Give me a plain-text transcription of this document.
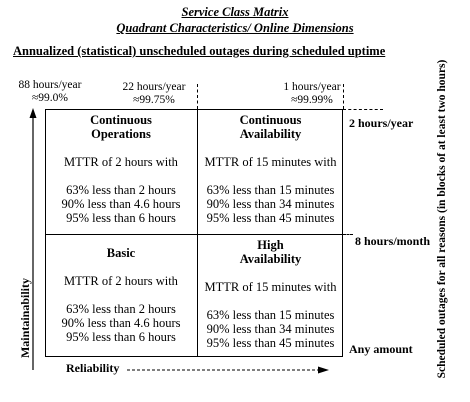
Service Class Matrix
Quadrant Characteristics/ Online Dimensions
Annualized (statistical) unscheduled outages during scheduled uptime
88 hours/year
≈99.0%
22 hours/year
≈99.75%
1 hours/year
≈99.99%
Continuous
Operations
MTTR of 2 hours with
63% less than 2 hours
90% less than 4.6 hours
95% less than 6 hours
Continuous
Availability
MTTR of 15 minutes with
63% less than 15 minutes
90% less than 34 minutes
95% less than 45 minutes
Basic
MTTR of 2 hours with
63% less than 2 hours
90% less than 4.6 hours
95% less than 6 hours
High
Availability
MTTR of 15 minutes with
63% less than 15 minutes
90% less than 34 minutes
95% less than 45 minutes
2 hours/year
8 hours/month
Any amount
Reliability
Maintainability	Scheduled outages for all reasons (in blocks of at least two hours)
